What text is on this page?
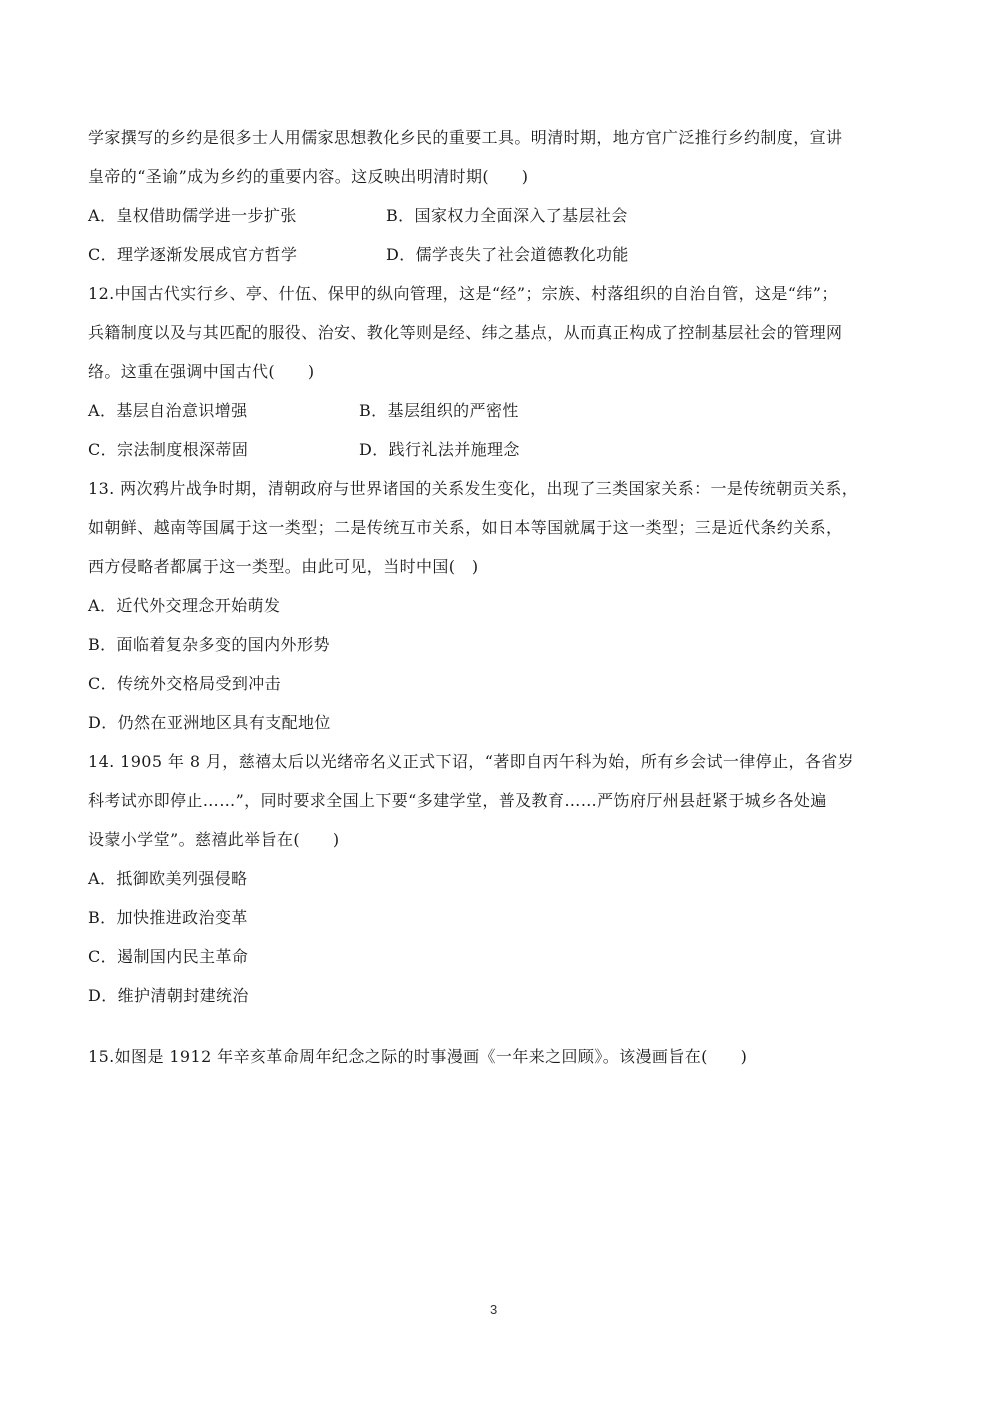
学家撰写的乡约是很多士人用儒家思想教化乡民的重要工具。明清时期，地方官广泛推行乡约制度，宣讲
皇帝的“圣谕”成为乡约的重要内容。这反映出明清时期(　　)
A．皇权借助儒学进一步扩张	B．国家权力全面深入了基层社会
C．理学逐渐发展成官方哲学	D．儒学丧失了社会道德教化功能
12.中国古代实行乡、亭、什伍、保甲的纵向管理，这是“经”；宗族、村落组织的自治自管，这是“纬”；
兵籍制度以及与其匹配的服役、治安、教化等则是经、纬之基点，从而真正构成了控制基层社会的管理网
络。这重在强调中国古代(　　)
A．基层自治意识增强	B．基层组织的严密性
C．宗法制度根深蒂固	D．践行礼法并施理念
13. 两次鸦片战争时期，清朝政府与世界诸国的关系发生变化，出现了三类国家关系：一是传统朝贡关系，
如朝鲜、越南等国属于这一类型；二是传统互市关系，如日本等国就属于这一类型；三是近代条约关系，
西方侵略者都属于这一类型。由此可见，当时中国(　)
A．近代外交理念开始萌发
B．面临着复杂多变的国内外形势
C．传统外交格局受到冲击
D．仍然在亚洲地区具有支配地位
14. 1905 年 8 月，慈禧太后以光绪帝名义正式下诏，“著即自丙午科为始，所有乡会试一律停止，各省岁
科考试亦即停止……”，同时要求全国上下要“多建学堂，普及教育……严饬府厅州县赶紧于城乡各处遍
设蒙小学堂”。慈禧此举旨在(　　)
A．抵御欧美列强侵略
B．加快推进政治变革
C．遏制国内民主革命
D．维护清朝封建统治
15.如图是 1912 年辛亥革命周年纪念之际的时事漫画《一年来之回顾》。该漫画旨在(　　)
3
